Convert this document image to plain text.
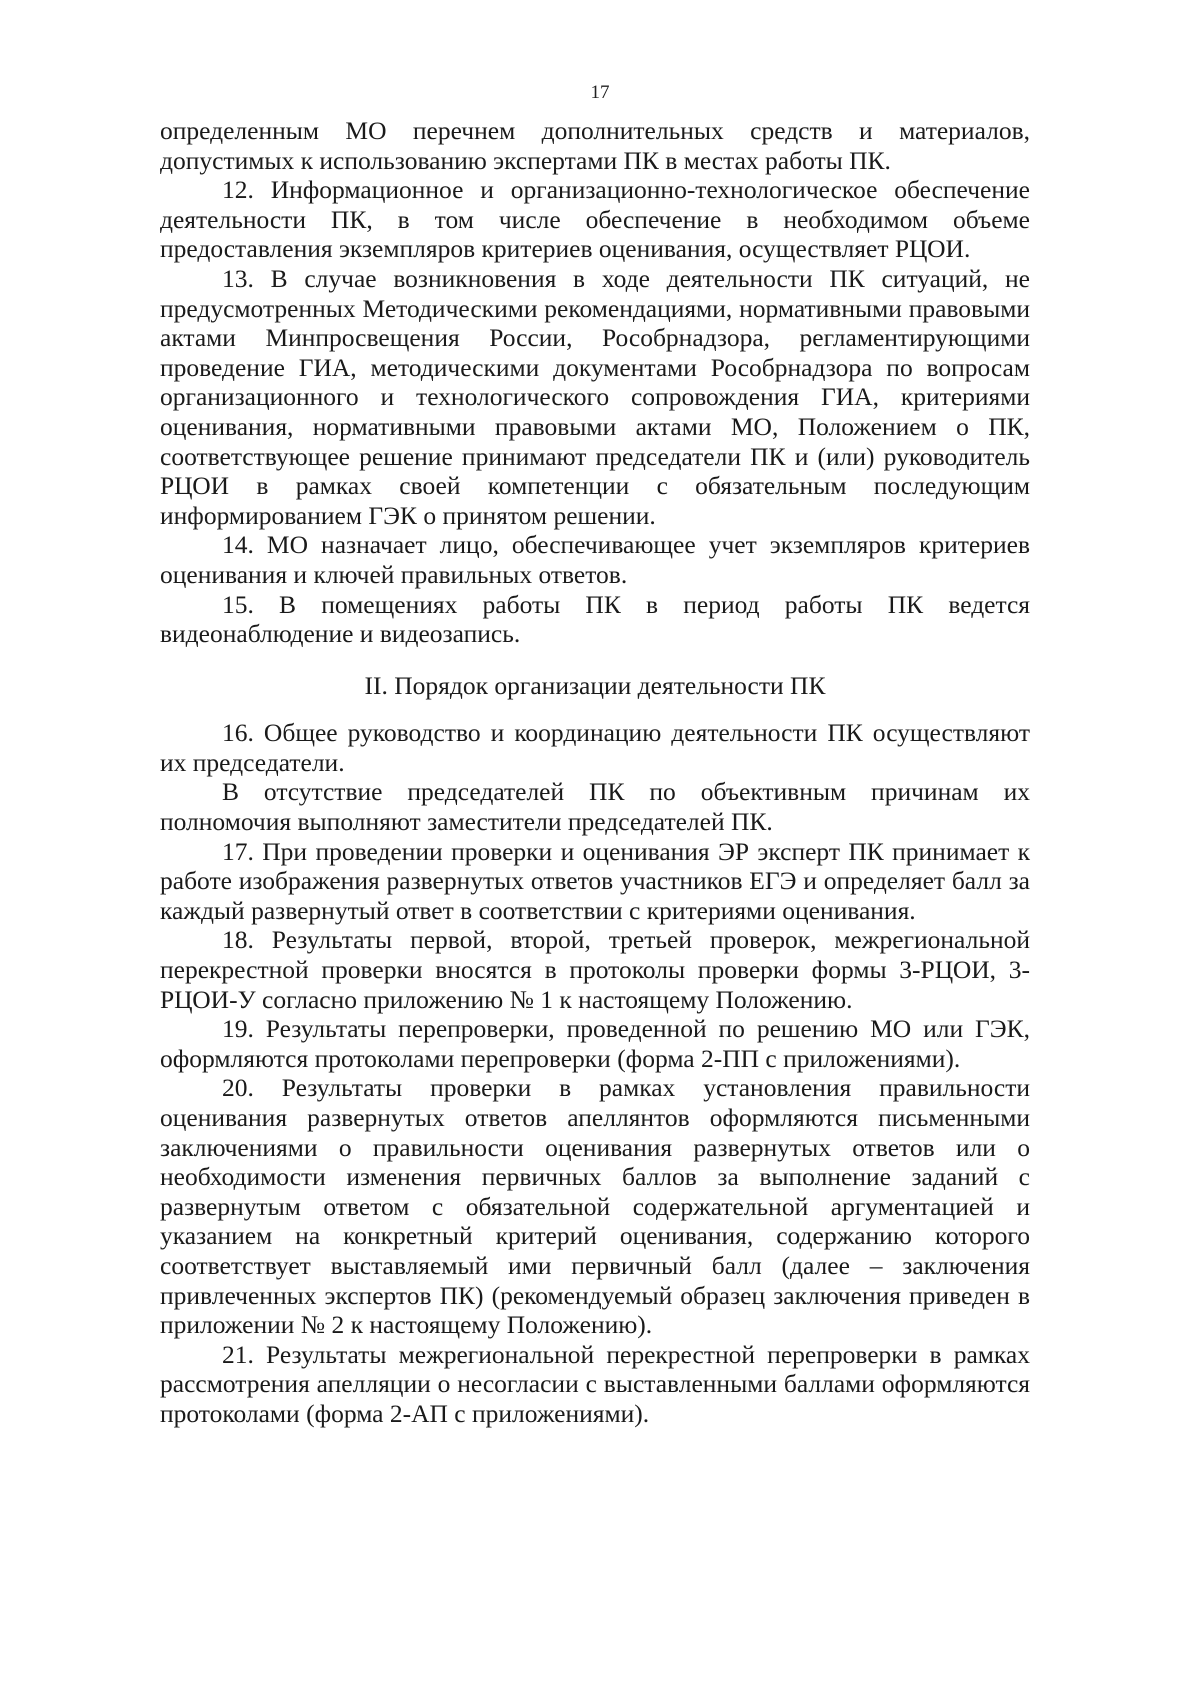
17

определенным МО перечнем дополнительных средств и материалов, допустимых к использованию экспертами ПК в местах работы ПК.

12. Информационное и организационно-технологическое обеспечение деятельности ПК, в том числе обеспечение в необходимом объеме предоставления экземпляров критериев оценивания, осуществляет РЦОИ.

13. В случае возникновения в ходе деятельности ПК ситуаций, не предусмотренных Методическими рекомендациями, нормативными правовыми актами Минпросвещения России, Рособрнадзора, регламентирующими проведение ГИА, методическими документами Рособрнадзора по вопросам организационного и технологического сопровождения ГИА, критериями оценивания, нормативными правовыми актами МО, Положением о ПК, соответствующее решение принимают председатели ПК и (или) руководитель РЦОИ в рамках своей компетенции с обязательным последующим информированием ГЭК о принятом решении.

14. МО назначает лицо, обеспечивающее учет экземпляров критериев оценивания и ключей правильных ответов.

15. В помещениях работы ПК в период работы ПК ведется видеонаблюдение и видеозапись.

II. Порядок организации деятельности ПК

16. Общее руководство и координацию деятельности ПК осуществляют их председатели.

В отсутствие председателей ПК по объективным причинам их полномочия выполняют заместители председателей ПК.

17. При проведении проверки и оценивания ЭР эксперт ПК принимает к работе изображения развернутых ответов участников ЕГЭ и определяет балл за каждый развернутый ответ в соответствии с критериями оценивания.

18. Результаты первой, второй, третьей проверок, межрегиональной перекрестной проверки вносятся в протоколы проверки формы 3-РЦОИ, 3-РЦОИ-У согласно приложению № 1 к настоящему Положению.

19. Результаты перепроверки, проведенной по решению МО или ГЭК, оформляются протоколами перепроверки (форма 2-ПП с приложениями).

20. Результаты проверки в рамках установления правильности оценивания развернутых ответов апеллянтов оформляются письменными заключениями о правильности оценивания развернутых ответов или о необходимости изменения первичных баллов за выполнение заданий с развернутым ответом с обязательной содержательной аргументацией и указанием на конкретный критерий оценивания, содержанию которого соответствует выставляемый ими первичный балл (далее – заключения привлеченных экспертов ПК) (рекомендуемый образец заключения приведен в приложении № 2 к настоящему Положению).

21. Результаты межрегиональной перекрестной перепроверки в рамках рассмотрения апелляции о несогласии с выставленными баллами оформляются протоколами (форма 2-АП с приложениями).
